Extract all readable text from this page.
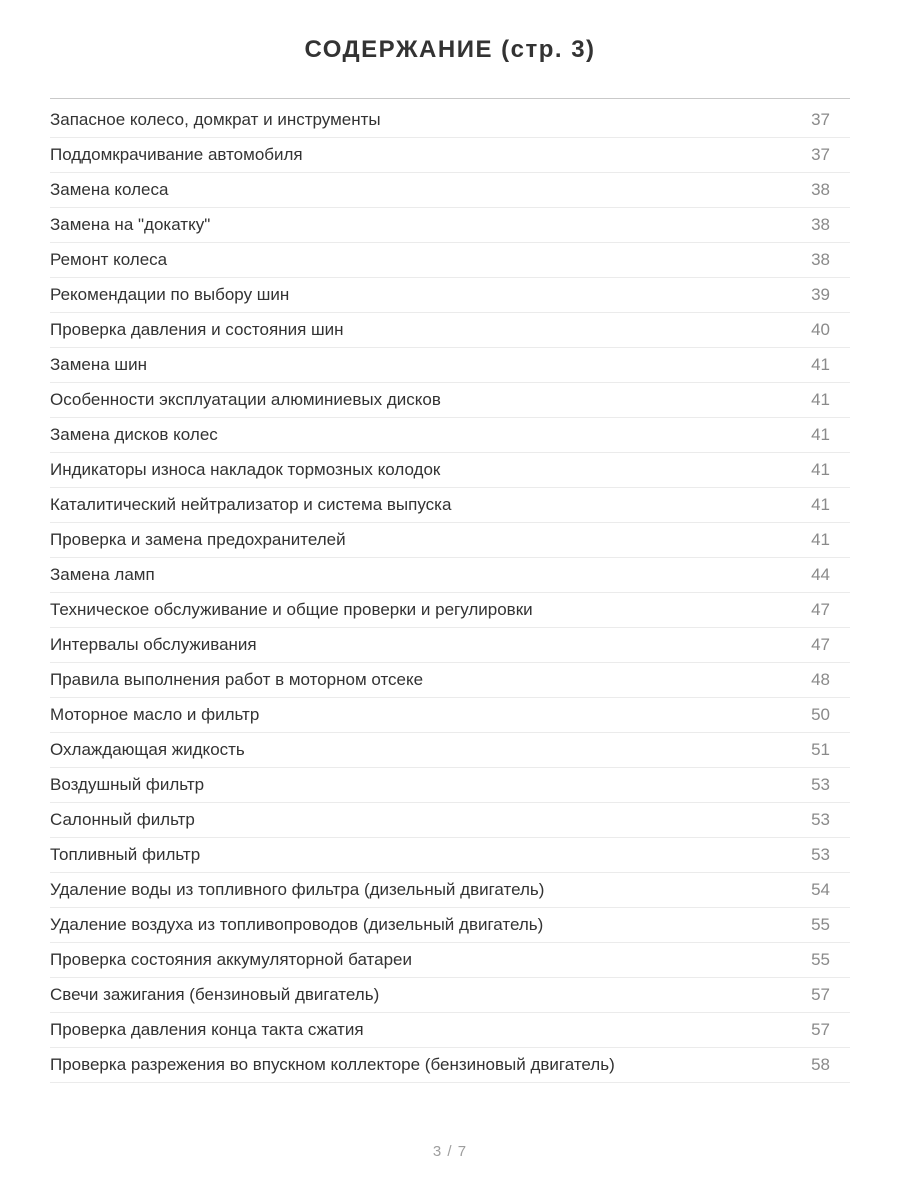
СОДЕРЖАНИЕ (стр. 3)
Запасное колесо, домкрат и инструменты	37
Поддомкрачивание автомобиля	37
Замена колеса	38
Замена на "докатку"	38
Ремонт колеса	38
Рекомендации по выбору шин	39
Проверка давления и состояния шин	40
Замена шин	41
Особенности эксплуатации алюминиевых дисков	41
Замена дисков колес	41
Индикаторы износа накладок тормозных колодок	41
Каталитический нейтрализатор и система выпуска	41
Проверка и замена предохранителей	41
Замена ламп	44
Техническое обслуживание и общие проверки и регулировки	47
Интервалы обслуживания	47
Правила выполнения работ в моторном отсеке	48
Моторное масло и фильтр	50
Охлаждающая жидкость	51
Воздушный фильтр	53
Салонный фильтр	53
Топливный фильтр	53
Удаление воды из топливного фильтра (дизельный двигатель)	54
Удаление воздуха из топливопроводов (дизельный двигатель)	55
Проверка состояния аккумуляторной батареи	55
Свечи зажигания (бензиновый двигатель)	57
Проверка давления конца такта сжатия	57
Проверка разрежения во впускном коллекторе (бензиновый двигатель)	58
3 / 7
